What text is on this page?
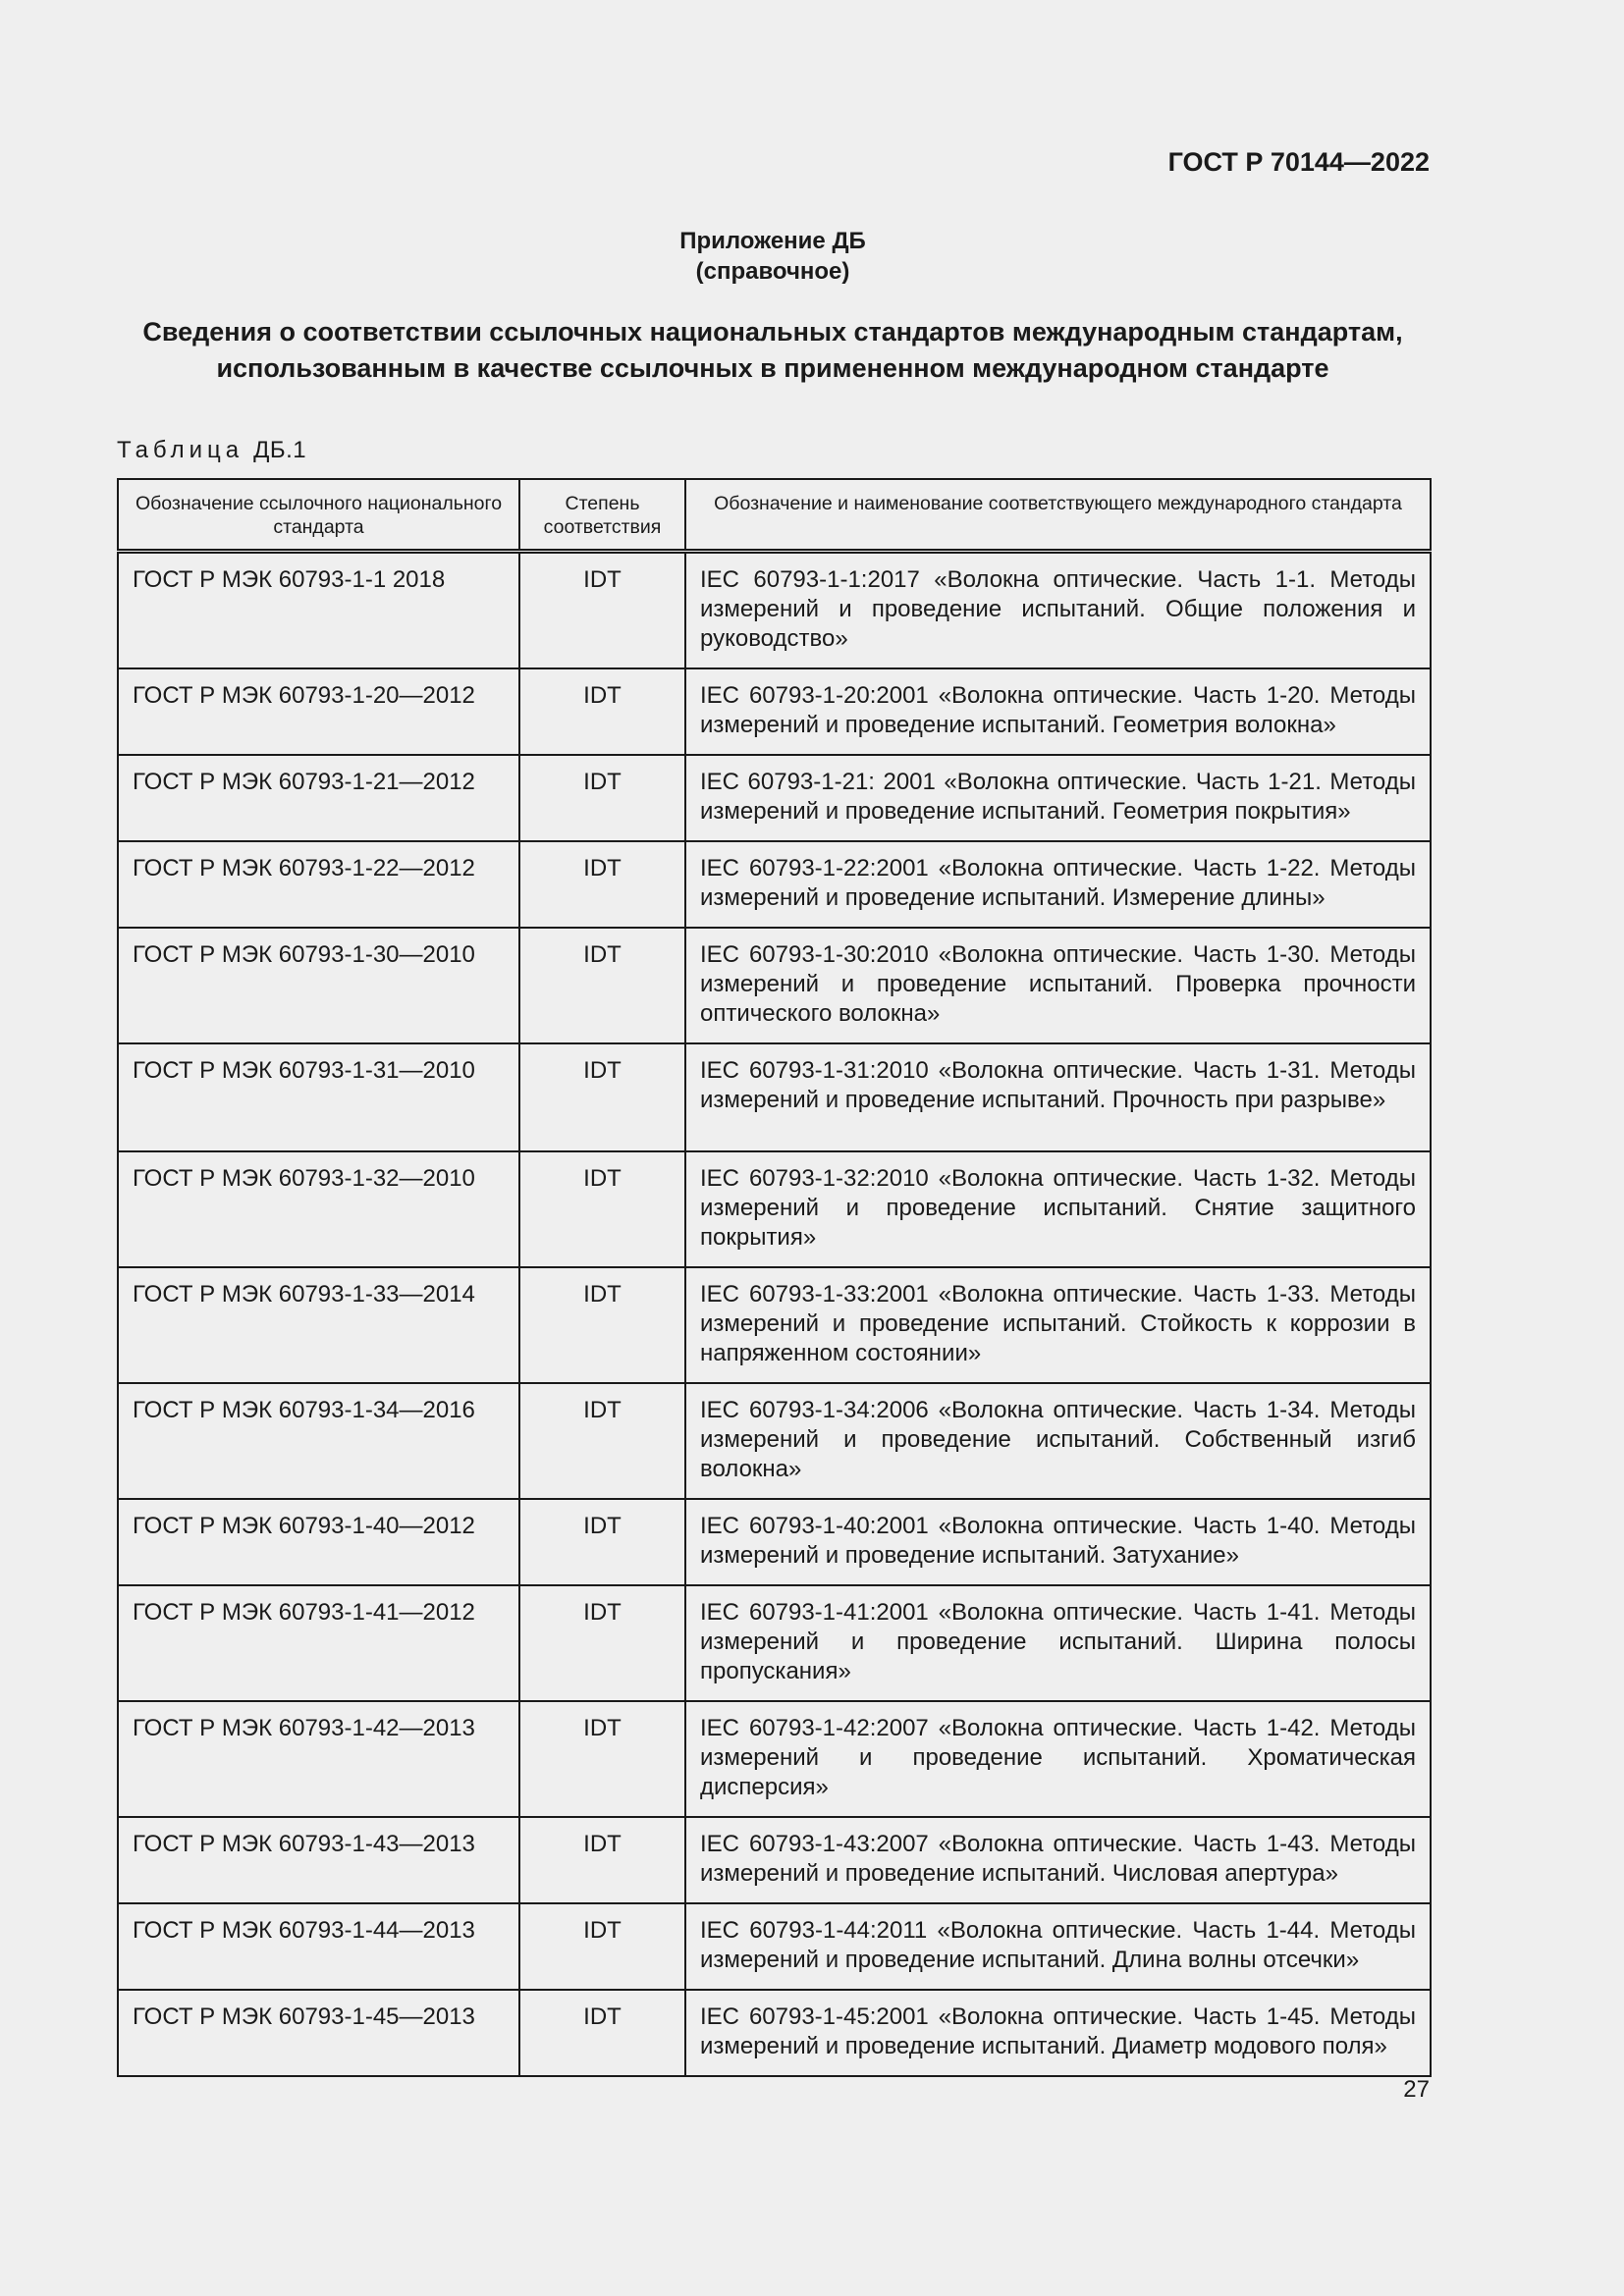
ГОСТ Р 70144—2022
Приложение ДБ
(справочное)
Сведения о соответствии ссылочных национальных стандартов международным стандартам,
использованным в качестве ссылочных в примененном международном стандарте
Таблица ДБ.1
Обозначение ссылочного национального стандарта	Степень соответствия	Обозначение и наименование соответствующего международного стандарта
ГОСТ Р МЭК 60793-1-1 2018	IDT	IEC 60793-1-1:2017 «Волокна оптические. Часть 1-1. Методы измерений и проведение испытаний. Общие положения и руководство»
ГОСТ Р МЭК 60793-1-20—2012	IDT	IEC 60793-1-20:2001 «Волокна оптические. Часть 1-20. Методы измерений и проведение испытаний. Геометрия волокна»
ГОСТ Р МЭК 60793-1-21—2012	IDT	IEC 60793-1-21: 2001 «Волокна оптические. Часть 1-21. Методы измерений и проведение испытаний. Геометрия покрытия»
ГОСТ Р МЭК 60793-1-22—2012	IDT	IEC 60793-1-22:2001 «Волокна оптические. Часть 1-22. Методы измерений и проведение испытаний. Измерение длины»
ГОСТ Р МЭК 60793-1-30—2010	IDT	IEC 60793-1-30:2010 «Волокна оптические. Часть 1-30. Методы измерений и проведение испытаний. Проверка прочности оптического волокна»
ГОСТ Р МЭК 60793-1-31—2010	IDT	IEC 60793-1-31:2010 «Волокна оптические. Часть 1-31. Методы измерений и проведение испытаний. Прочность при разрыве»
ГОСТ Р МЭК 60793-1-32—2010	IDT	IEC 60793-1-32:2010 «Волокна оптические. Часть 1-32. Методы измерений и проведение испытаний. Снятие защитного покрытия»
ГОСТ Р МЭК 60793-1-33—2014	IDT	IEC 60793-1-33:2001 «Волокна оптические. Часть 1-33. Методы измерений и проведение испытаний. Стойкость к коррозии в напряженном состоянии»
ГОСТ Р МЭК 60793-1-34—2016	IDT	IEC 60793-1-34:2006 «Волокна оптические. Часть 1-34. Методы измерений и проведение испытаний. Собственный изгиб волокна»
ГОСТ Р МЭК 60793-1-40—2012	IDT	IEC 60793-1-40:2001 «Волокна оптические. Часть 1-40. Методы измерений и проведение испытаний. Затухание»
ГОСТ Р МЭК 60793-1-41—2012	IDT	IEC 60793-1-41:2001 «Волокна оптические. Часть 1-41. Методы измерений и проведение испытаний. Ширина полосы пропускания»
ГОСТ Р МЭК 60793-1-42—2013	IDT	IEC 60793-1-42:2007 «Волокна оптические. Часть 1-42. Методы измерений и проведение испытаний. Хроматическая дисперсия»
ГОСТ Р МЭК 60793-1-43—2013	IDT	IEC 60793-1-43:2007 «Волокна оптические. Часть 1-43. Методы измерений и проведение испытаний. Числовая апертура»
ГОСТ Р МЭК 60793-1-44—2013	IDT	IEC 60793-1-44:2011 «Волокна оптические. Часть 1-44. Методы измерений и проведение испытаний. Длина волны отсечки»
ГОСТ Р МЭК 60793-1-45—2013	IDT	IEC 60793-1-45:2001 «Волокна оптические. Часть 1-45. Методы измерений и проведение испытаний. Диаметр модового поля»
27
